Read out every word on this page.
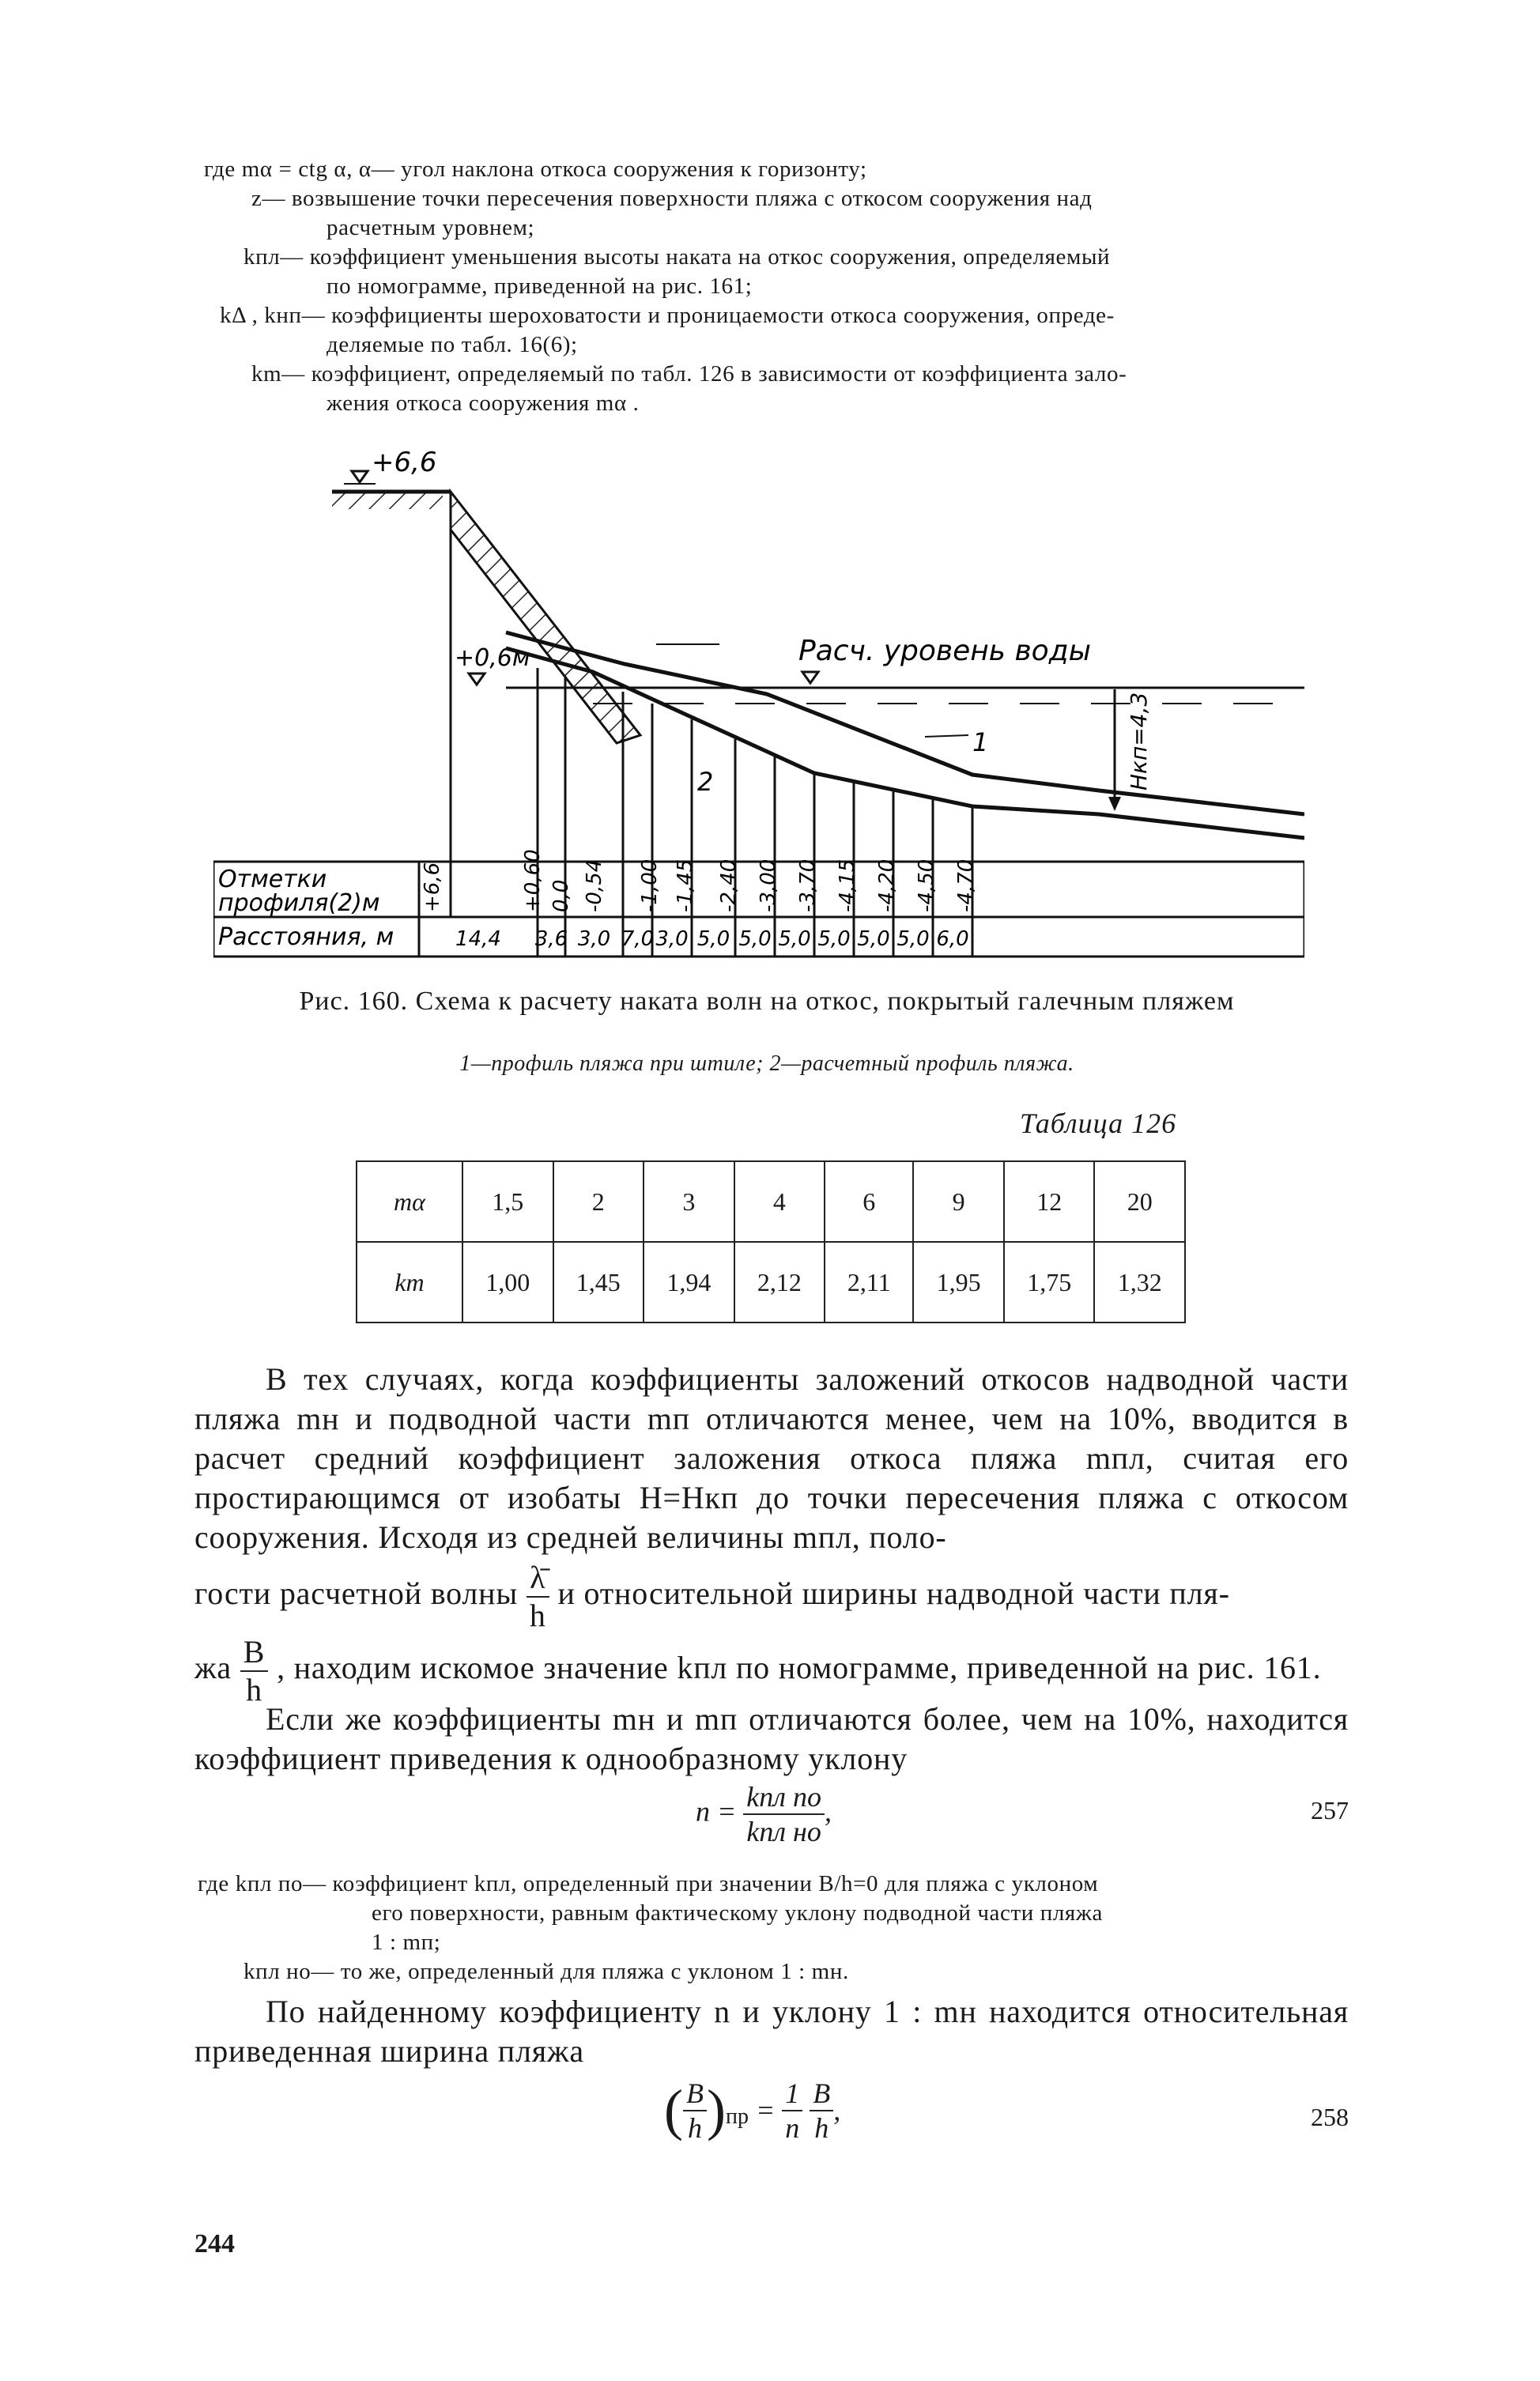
где mα = ctg α, α — угол наклона откоса сооружения к горизонту;
z — возвышение точки пересечения поверхности пляжа с откосом сооружения над
расчетным уровнем;
kпл — коэффициент уменьшения высоты наката на откос сооружения, определяемый
по номограмме, приведенной на рис. 161;
kΔ , kнп — коэффициенты шероховатости и проницаемости откоса сооружения, опреде-
деляемые по табл. 16(6);
km — коэффициент, определяемый по табл. 126 в зависимости от коэффициента зало-
жения откоса сооружения mα .
+6,6
+0,6м	Расч. уровень воды
Hкп=4,3
1
2
Отметки
профиля(2)м
Расстояния, м
+6,6	+0,60 0,0 -0,54 -1,00 -1,45 -2,40 -3,00 -3,70 -4,15 -4,20 -4,50 -4,70
14,4 3,6 3,0 7,0 3,0 5,0 5,0 5,0 5,0 5,0 5,0 6,0
Рис. 160. Схема к расчету наката волн на откос, покрытый галечным пляжем
1—профиль пляжа при штиле; 2—расчетный профиль пляжа.
Таблица 126
mα	1,5	2	3	4	6	9	12	20
km	1,00	1,45	1,94	2,12	2,11	1,95	1,75	1,32

В тех случаях, когда коэффициенты заложений откосов надводной части пляжа mн и подводной части mп отличаются менее, чем на 10%, вводится в расчет средний коэффициент заложения откоса пляжа mпл, считая его простирающимся от изобаты H=Hкп до точки пересечения пляжа с откосом сооружения. Исходя из средней величины mпл, поло-

гости расчетной волны $\frac{\lambdā}{h}$ и относительной ширины надводной части пля-

жа $\frac{B}{h}$ , находим искомое значение kпл по номограмме, приведенной на рис. 161.

Если же коэффициенты mн и mп отличаются более, чем на 10%, находится коэффициент приведения к однообразному уклону

$n = \frac{\text{kпл по}}{\text{kпл но}}$ ,	257
где kпл по — коэффициент kпл, определенный при значении B/h=0 для пляжа с уклоном
его поверхности, равным фактическому уклону подводной части пляжа
1 : mп;
kпл но — то же, определенный для пляжа с уклоном 1 : mн.

По найденному коэффициенту n и уклону 1 : mн находится относительная приведенная ширина пляжа

( $\frac{B}{h} )_{пр} = \frac{1}{n}$
$\frac{B}{h}$ ,	258
244
